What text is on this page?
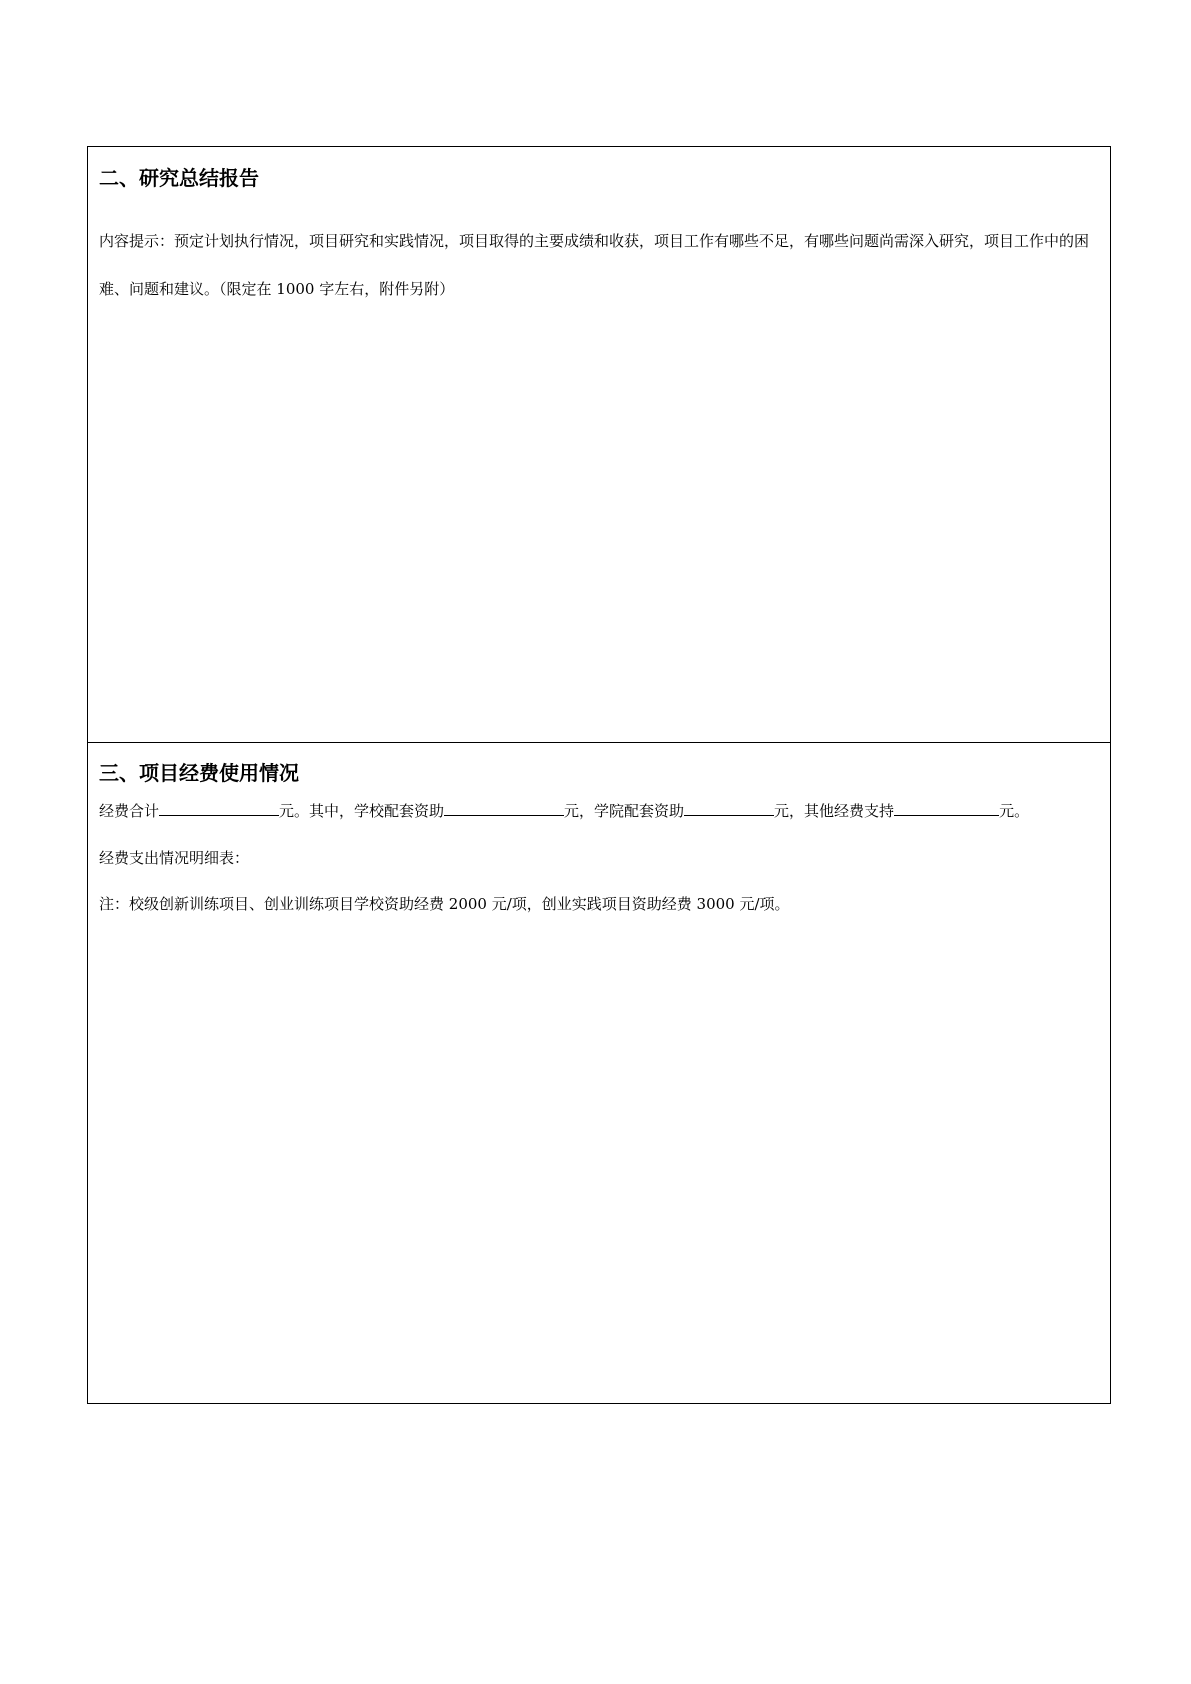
二、研究总结报告

内容提示：预定计划执行情况，项目研究和实践情况，项目取得的主要成绩和收获，项目工作有哪些不足，有哪些问题尚需深入研究，项目工作中的困难、问题和建议。（限定在 1000 字左右，附件另附）

三、项目经费使用情况

经费合计	元。其中，学校配套资助	元，学院配套资助	元，其他经费支持	元。

经费支出情况明细表：

注：校级创新训练项目、创业训练项目学校资助经费 2000 元/项，创业实践项目资助经费 3000 元/项。
